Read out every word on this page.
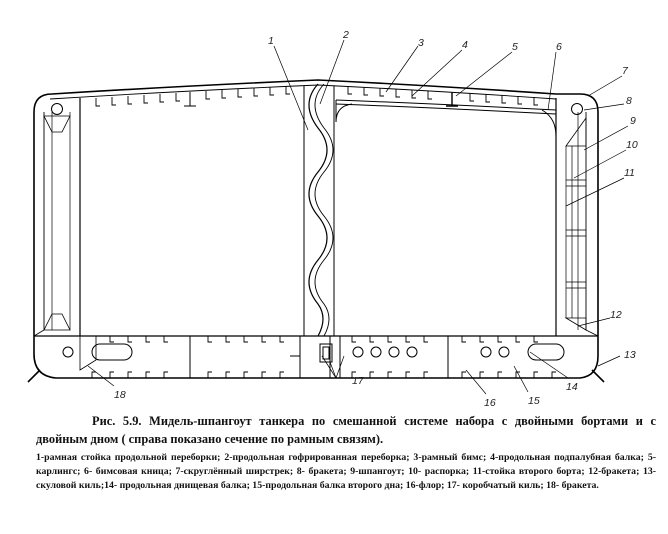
1	2
3	4	5	6
7
8
9
10
11
12
13
14
15
16
17
18

Рис. 5.9. Мидель-шпангоут танкера по смешанной системе набора с двойными бортами и с двойным дном ( справа показано сечение по рамным связям).

1-рамная стойка продольной переборки; 2-продольная гофрированная переборка; 3-рамный бимс; 4-продольная подпалубная балка; 5- карлингс; 6- бимсовая кница; 7-скруглённый ширстрек; 8- бракета; 9-шпангоут; 10- распорка; 11-стойка второго борта; 12-бракета; 13-скуловой киль;14- продольная днищевая балка; 15-продольная балка второго дна; 16-флор; 17- коробчатый киль; 18- бракета.
